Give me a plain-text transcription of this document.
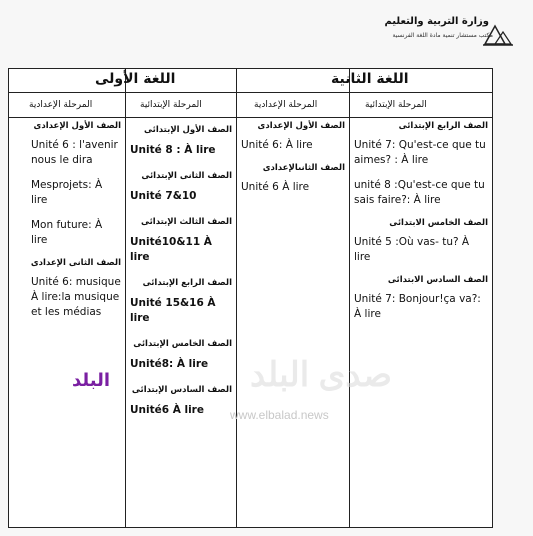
وزارة التربية والتعليم
مكتب مستشار تنمية مادة اللغة الفرنسية
اللغة الثانية
اللغة الأولى
المرحلة الإبتدائية
المرحلة الإعدادية
المرحلة الإبتدائية
المرحلة الإعدادية
الصف الرابع الإبتدائى
Unité 7: Qu'est-ce que tu aimes? : À lire
unité 8 :Qu'est-ce que tu sais faire?: À lire
الصف الخامس الابتدائى
Unité 5 :Où vas- tu? À lire
الصف السادس الابتدائى
Unité 7: Bonjour!ça va?: À lire
الصف الأول الإعدادى
Unité 6: À lire
الصف الثانىالإعدادى
Unité 6 À lire
الصف الأول الإبتدائى
Unité 8 : À lire
الصف الثانى الإبتدائى
Unité 7&10
الصف الثالث الإبتدائى
Unité10&11 À lire
الصف الرابع الإبتدائى
Unité 15&16 À lire
الصف الخامس الإبتدائى
Unité8: À lire
الصف السادس الإبتدائى
Unité6 À lire
الصف الأول الإعدادى
Unité 6 : l'avenir nous le dira
Mesprojets: À lire
Mon future: À lire
الصف الثانى الإعدادى
Unité 6: musique À lire:la musique et les médias
صدى البلد
www.elbalad.news
البلد
